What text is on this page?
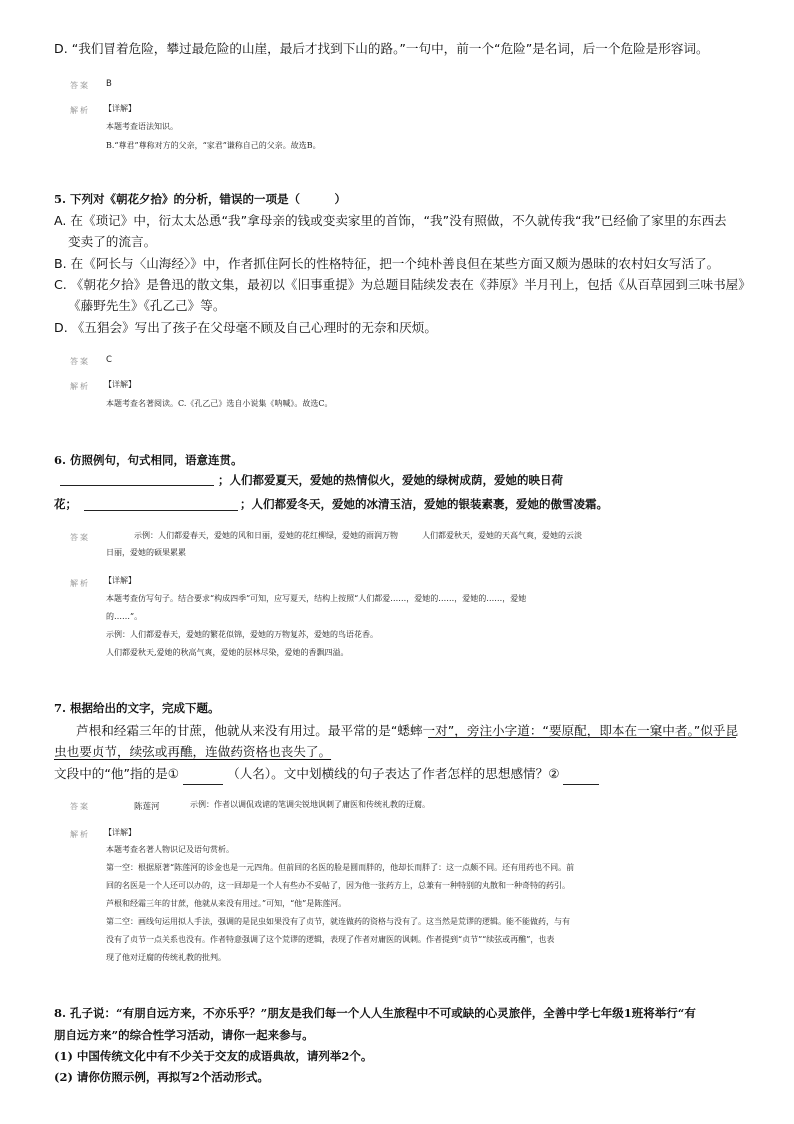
D. “我们冒着危险，攀过最危险的山崖，最后才找到下山的路。”一句中，前一个“危险”是名词，后一个危险是形容词。
答案 B
解析 【详解】
本题考查语法知识。
B.“尊君”尊称对方的父亲，“家君”谦称自己的父亲。故选B。
5. 下列对《朝花夕拾》的分析，错误的一项是（　　　）
A. 在《琐记》中，衍太太怂恿“我”拿母亲的钱或变卖家里的首饰，“我”没有照做，不久就传我“我”已经偷了家里的东西去
变卖了的流言。
B. 在《阿长与〈山海经〉》中，作者抓住阿长的性格特征，把一个纯朴善良但在某些方面又颇为愚昧的农村妇女写活了。
C. 《朝花夕拾》是鲁迅的散文集，最初以《旧事重提》为总题目陆续发表在《莽原》半月刊上，包括《从百草园到三味书屋》
《藤野先生》《孔乙己》等。
D. 《五猖会》写出了孩子在父母毫不顾及自己心理时的无奈和厌烦。
答案 C
解析 【详解】
本题考查名著阅读。C.《孔乙己》选自小说集《呐喊》。故选C。
6. 仿照例句，句式相同，语意连贯。
；人们都爱夏天，爱她的热情似火，爱她的绿树成荫，爱她的映日荷
花；	；人们都爱冬天，爱她的冰清玉洁，爱她的银装素裹，爱她的傲雪凌霜。
答案	示例：人们都爱春天，爱她的风和日丽，爱她的花红柳绿，爱她的雨润万物　　　人们都爱秋天，爱她的天高气爽，爱她的云淡
日丽，爱她的硕果累累
解析 【详解】
本题考查仿写句子。结合要求“构成四季”可知，应写夏天，结构上按照“人们都爱……，爱她的……，爱她的……，爱她
的……”。
示例：人们都爱春天，爱她的繁花似锦，爱她的万物复苏，爱她的鸟语花香。
人们都爱秋天,爱她的秋高气爽，爱她的层林尽染，爱她的香飘四溢。
7. 根据给出的文字，完成下题。
芦根和经霜三年的甘蔗，他就从来没有用过。最平常的是“蟋蟀一对”，旁注小字道：“要原配，即本在一窠中者。”似乎昆
虫也要贞节，续弦或再醮，连做药资格也丧失了。
文段中的“他”指的是①	（人名）。文中划横线的句子表达了作者怎样的思想感情？②
答案	陈莲河	示例：作者以调侃戏谑的笔调尖锐地讽刺了庸医和传统礼教的迂腐。
解析 【详解】
本题考查名著人物识记及语句赏析。
第一空：根据原著“陈莲河的诊金也是一元四角。但前回的名医的脸是圆而胖的，他却长而胖了：这一点颇不同。还有用药也不同。前
回的名医是一个人还可以办的，这一回却是一个人有些办不妥帖了，因为他一张药方上，总兼有一种特别的丸散和一种奇特的药引。
芦根和经霜三年的甘蔗，他就从来没有用过。”可知，“他”是陈莲河。
第二空：画线句运用拟人手法，强调的是昆虫如果没有了贞节，就连做药的资格与没有了。这当然是荒谬的逻辑。能不能做药，与有
没有了贞节一点关系也没有。作者特意强调了这个荒谬的逻辑，表现了作者对庸医的讽刺。作者提到“贞节”“续弦或再醮”，也表
现了他对迂腐的传统礼教的批判。
8. 孔子说：“有朋自远方来，不亦乐乎？”朋友是我们每一个人人生旅程中不可或缺的心灵旅伴，全善中学七年级1班将举行“有
朋自远方来”的综合性学习活动，请你一起来参与。
(1) 中国传统文化中有不少关于交友的成语典故，请列举2个。
(2) 请你仿照示例，再拟写2个活动形式。
